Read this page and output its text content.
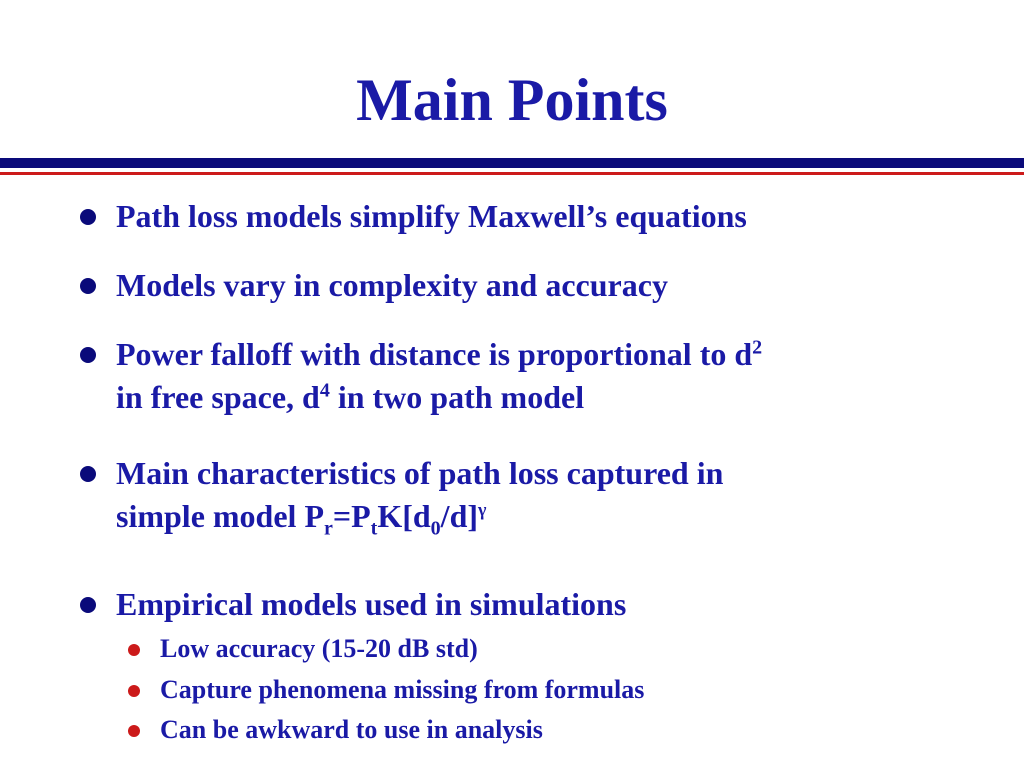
Main Points
Path loss models simplify Maxwell’s equations
Models vary in complexity and accuracy
Power falloff with distance is proportional to $d^2$
in free space, $d^4$ in two path model
Main characteristics of path loss captured in
simple model $P_r=P_tK[d_0/d]^\gamma$
Empirical models used in simulations
Low accuracy (15-20 dB std)
Capture phenomena missing from formulas
Can be awkward to use in analysis
